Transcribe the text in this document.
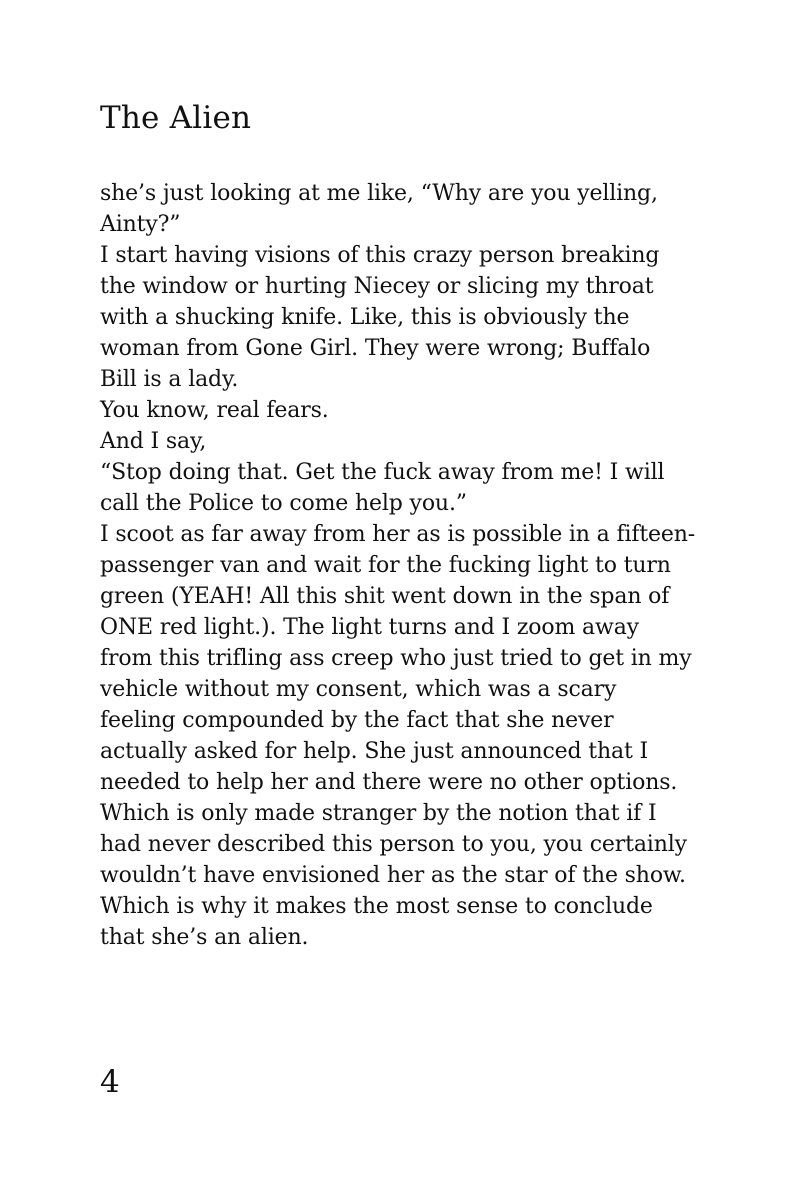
The Alien
she’s just looking at me like, “Why are you yelling,
Ainty?”
I start having visions of this crazy person breaking
the window or hurting Niecey or slicing my throat
with a shucking knife. Like, this is obviously the
woman from Gone Girl. They were wrong; Buffalo
Bill is a lady.
You know, real fears.
And I say,
“Stop doing that. Get the fuck away from me! I will
call the Police to come help you.”
I scoot as far away from her as is possible in a fifteen-
passenger van and wait for the fucking light to turn
green (YEAH! All this shit went down in the span of
ONE red light.). The light turns and I zoom away
from this trifling ass creep who just tried to get in my
vehicle without my consent, which was a scary
feeling compounded by the fact that she never
actually asked for help. She just announced that I
needed to help her and there were no other options.
Which is only made stranger by the notion that if I
had never described this person to you, you certainly
wouldn’t have envisioned her as the star of the show.
Which is why it makes the most sense to conclude
that she’s an alien.
4
